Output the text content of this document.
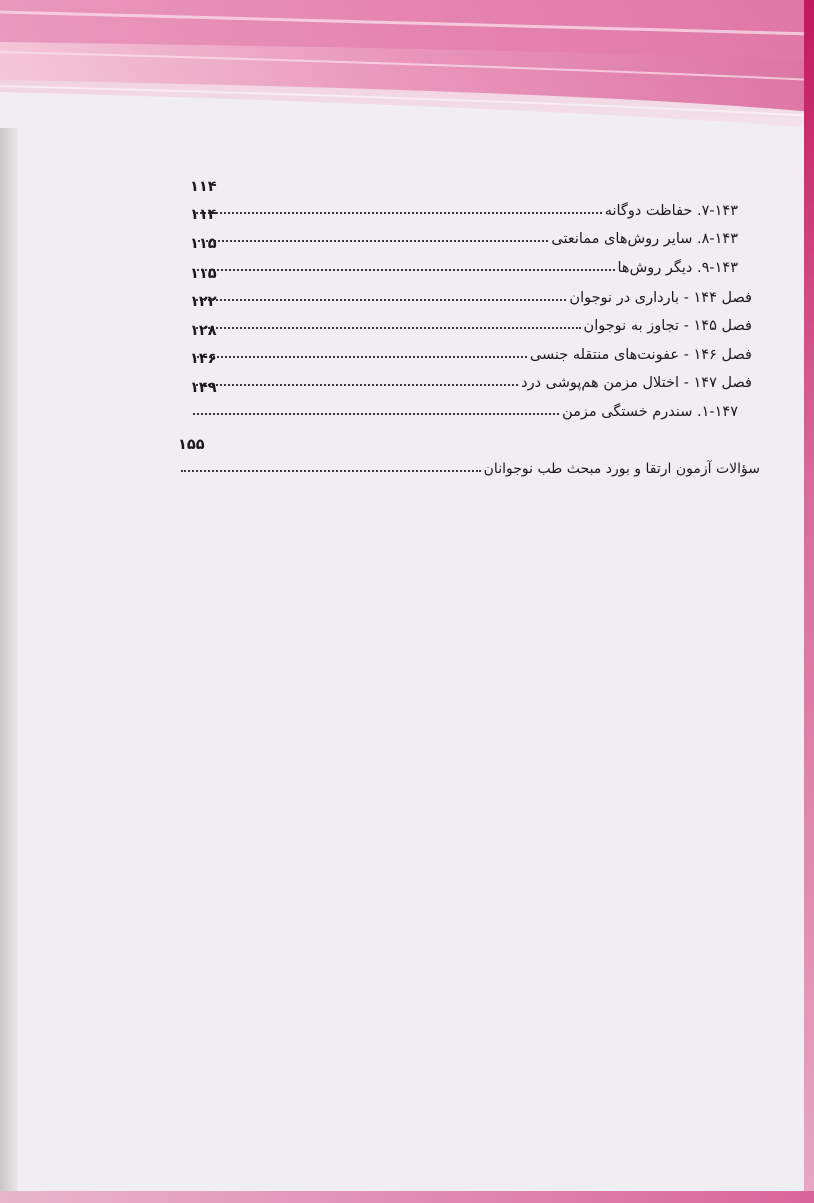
۷-۱۴۳. حفاظت دوگانه
۱۱۴
۸-۱۴۳. سایر روش‌های ممانعتی
۱۱۴
۹-۱۴۳. دیگر روش‌ها
۱۱۵
فصل ۱۴۴ - بارداری در نوجوان
۱۱۵
فصل ۱۴۵ - تجاوز به نوجوان
۱۲۲
فصل ۱۴۶ - عفونت‌های منتقله جنسی
۱۲۸
فصل ۱۴۷ - اختلال مزمن هم‌پوشی درد
۱۴۶
۱-۱۴۷. سندرم خستگی مزمن
۱۴۹
سؤالات آزمون ارتقا و بورد مبحث طب نوجوانان
۱۵۵
